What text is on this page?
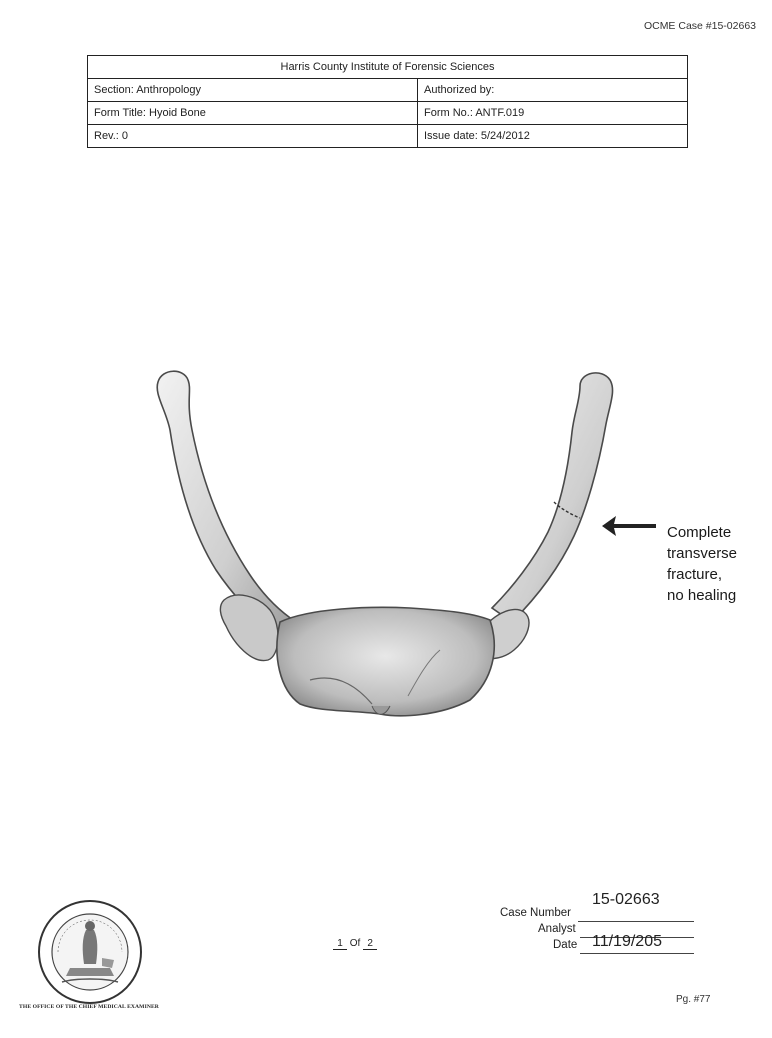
OCME Case #15-02663
Harris County Institute of Forensic Sciences	
Section: Anthropology	Authorized by:
Form Title: Hyoid Bone	Form No.: ANTF.019
Rev.: 0	Issue date: 5/24/2012
Complete
transverse
fracture,
no healing
THE OFFICE OF THE CHIEF MEDICAL EXAMINER
1 Of 2
15-02663
Case Number
Analyst
Date 11/19/205
Pg. #77
